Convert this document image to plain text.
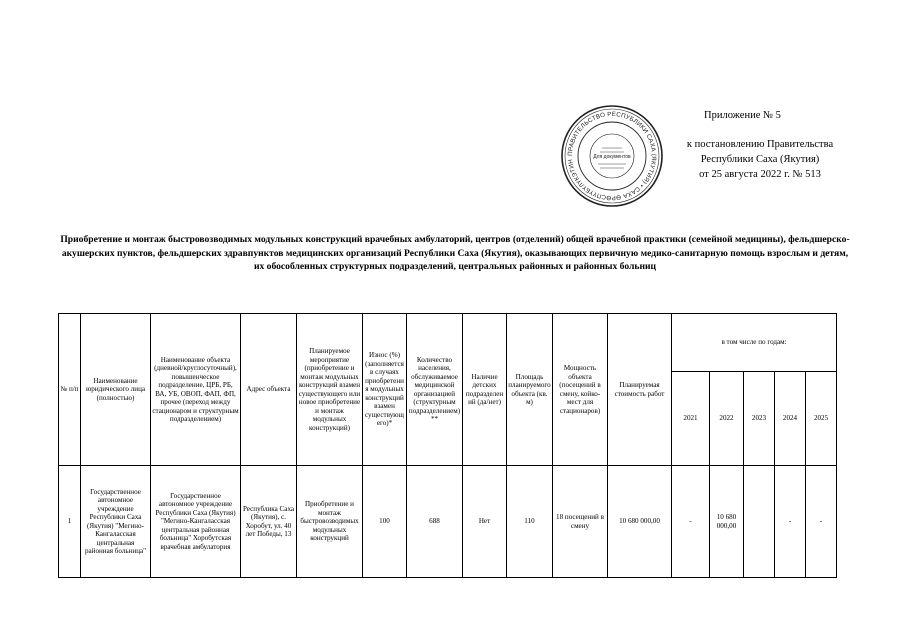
Приложение № 5
к постановлению Правительства
Республики Саха (Якутия)
от 25 августа 2022 г. № 513
ПРАВИТЕЛЬСТВО РЕСПУБЛИКИ САХА (ЯКУТИЯ) • САХА ӨРӨСПҮҮБҮЛҮКЭТИН
Для документов
Приобретение и монтаж быстровозводимых модульных конструкций врачебных амбулаторий, центров (отделений) общей врачебной практики (семейной медицины), фельдшерско-акушерских пунктов, фельдшерских здравпунктов медицинских организаций Республики Саха (Якутия), оказывающих первичную медико-санитарную помощь взрослым и детям, их обособленных структурных подразделений, центральных районных и районных больниц
№ п/п	Наименование юридического лица (полностью)	Наименование объекта (дневной/круглосуточный), повышенческое подразделение, ЦРБ, РБ, ВА, УБ, ОВОП, ФАП, ФП, прочее (переход между стационаром и структурным подразделением)	Адрес объекта	Планируемое мероприятие (приобретение и монтаж модульных конструкций взамен существующего или новое приобретение и монтаж модульных конструкций)	Износ (%) (заполняется в случаях приобретения модульных конструкций взамен существующего)*	Количество населения, обслуживаемое медицинской организацией (структурным подразделением)**	Наличие детских подразделений (да/нет)	Площадь планируемого объекта (кв. м)	Мощность объекта (посещений в смену, койко-мест для стационаров)	Планируемая стоимость работ	в том числе по годам:				
											2021	2022	2023	2024	2025
1	Государственное автономное учреждение Республики Саха (Якутия) "Мегино-Кангаласская центральная районная больница"	Государственное автономное учреждение Республики Саха (Якутия) "Мегино-Кангаласская центральная районная больница" Хоробутская врачебная амбулатория	Республика Саха (Якутия), с. Хоробут, ул. 40 лет Победы, 13	Приобретение и монтаж быстровозводимых модульных конструкций	100	688	Нет	110	18 посещений в смену	10 680 000,00	-	10 680 000,00		-	-
